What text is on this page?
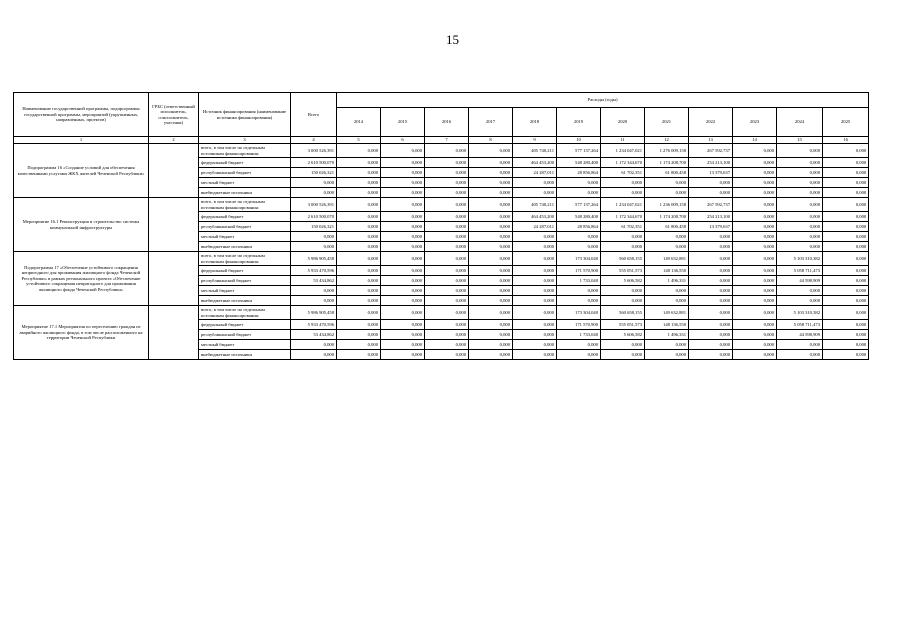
15
Наименование государственной программы, подпрограммы государственной программы, мероприятий (укрупненных, направленных, проектов)	ГРБС (ответственный исполнитель, соисполнитель, участник)	Источник финансирования (наименование источника финансирования)	Всего	Расходы (годы)											
				2014	2015	2016	2017	2018	2019	2020	2021	2022	2023	2024	2025
1	2	3	4	5	6	7	8	9	10	11	12	13	14	15	16
Подпрограмма 16 «Создание условий для обеспечения качественными услугами ЖКХ жителей Чеченской Республики»		всего, в том числе по отдельным источникам финансирования:	3 000 526,391	0,000	0,000	0,000	0,000	405 740,211	577 137,264	1 234 047,021	1 276 009,158	267 592,737	0,000	0,000	0,000
		федеральный бюджет	2 610 500,070	0,000	0,000	0,000	0,000	464 453,200	548 280,400	1 172 344,670	1 174 208,700	254 213,100	0,000	0,000	0,000
		республиканский бюджет	150 026,321	0,000	0,000	0,000	0,000	24 287,011	28 856,864	61 702,351	61 800,458	13 379,637	0,000	0,000	0,000
		местный бюджет	0,000	0,000	0,000	0,000	0,000	0,000	0,000	0,000	0,000	0,000	0,000	0,000	0,000
		внебюджетные источники	0,000	0,000	0,000	0,000	0,000	0,000	0,000	0,000	0,000	0,000	0,000	0,000	0,000
Мероприятие 16.1 Реконструкция и строительство системы коммунальной инфраструктуры		всего, в том числе по отдельным источникам финансирования:	3 000 526,391	0,000	0,000	0,000	0,000	405 740,211	577 137,264	1 234 047,021	1 236 009,158	267 592,737	0,000	0,000	0,000
		федеральный бюджет	2 610 500,070	0,000	0,000	0,000	0,000	464 453,200	548 280,400	1 172 344,670	1 174 208,700	254 213,100	0,000	0,000	0,000
		республиканский бюджет	150 026,321	0,000	0,000	0,000	0,000	24 287,011	28 856,864	61 702,351	61 800,458	13 379,637	0,000	0,000	0,000
		местный бюджет	0,000	0,000	0,000	0,000	0,000	0,000	0,000	0,000	0,000	0,000	0,000	0,000	0,000
		внебюджетные источники	0,000	0,000	0,000	0,000	0,000	0,000	0,000	0,000	0,000	0,000	0,000	0,000	0,000
Подпрограмма 17 «Обеспечение устойчивого сокращения непригодного для проживания жилищного фонда Чеченской Республики» в рамках регионального проекта «Обеспечение устойчивого сокращения непригодного для проживания жилищного фонда Чеченской Республики»		всего, в том числе по отдельным источникам финансирования:	5 986 905,458	0,000	0,000	0,000	0,000	0,000	173 304,040	560 658,155	149 632,881	0,000	0,000	5 103 310,382	0,000
		федеральный бюджет	5 933 470,596	0,000	0,000	0,000	0,000	0,000	171 570,900	555 051,573	148 136,550	0,000	0,000	5 058 711,473	0,000
		республиканский бюджет	53 434,862	0,000	0,000	0,000	0,000	0,000	1 733,040	5 606,582	1 496,331	0,000	0,000	44 598,909	0,000
		местный бюджет	0,000	0,000	0,000	0,000	0,000	0,000	0,000	0,000	0,000	0,000	0,000	0,000	0,000
		внебюджетные источники	0,000	0,000	0,000	0,000	0,000	0,000	0,000	0,000	0,000	0,000	0,000	0,000	0,000
Мероприятие 17.1 Мероприятия по переселению граждан из аварийного жилищного фонда, в том числе расположенного на территории Чеченской Республики		всего, в том числе по отдельным источникам финансирования:	5 986 905,458	0,000	0,000	0,000	0,000	0,000	173 304,040	560 658,155	149 632,881	0,000	0,000	5 103 310,382	0,000
		федеральный бюджет	5 933 470,596	0,000	0,000	0,000	0,000	0,000	171 570,900	555 051,573	148 136,550	0,000	0,000	5 058 711,473	0,000
		республиканский бюджет	53 434,862	0,000	0,000	0,000	0,000	0,000	1 733,040	5 606,582	1 496,331	0,000	0,000	44 598,909	0,000
		местный бюджет	0,000	0,000	0,000	0,000	0,000	0,000	0,000	0,000	0,000	0,000	0,000	0,000	0,000
		внебюджетные источники	0,000	0,000	0,000	0,000	0,000	0,000	0,000	0,000	0,000	0,000	0,000	0,000	0,000
